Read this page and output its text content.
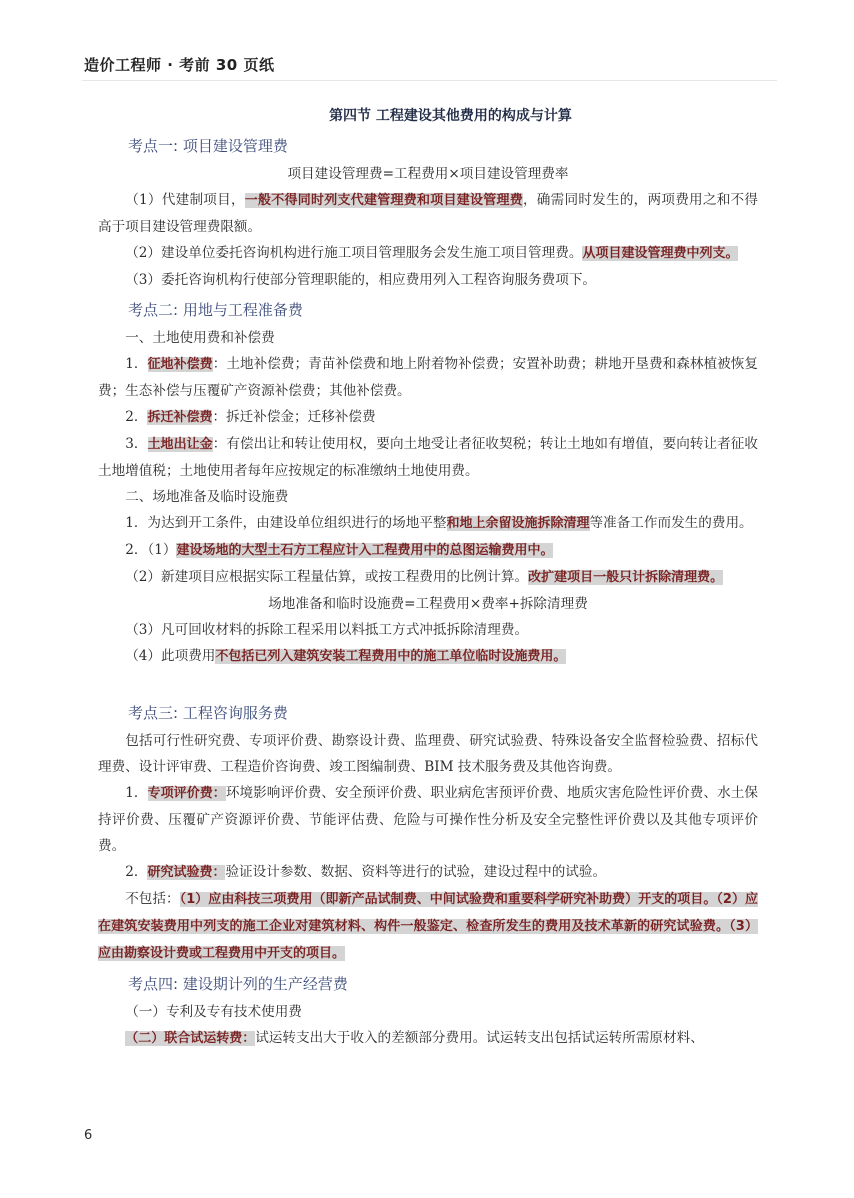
造价工程师 · 考前 30 页纸
第四节 工程建设其他费用的构成与计算
考点一: 项目建设管理费
项目建设管理费=工程费用×项目建设管理费率

（1）代建制项目，一般不得同时列支代建管理费和项目建设管理费，确需同时发生的，两项费用之和不得高于项目建设管理费限额。

（2）建设单位委托咨询机构进行施工项目管理服务会发生施工项目管理费。从项目建设管理费中列支。

（3）委托咨询机构行使部分管理职能的，相应费用列入工程咨询服务费项下。

考点二: 用地与工程准备费

一、土地使用费和补偿费

1．征地补偿费：土地补偿费；青苗补偿费和地上附着物补偿费；安置补助费；耕地开垦费和森林植被恢复费；生态补偿与压覆矿产资源补偿费；其他补偿费。

2．拆迁补偿费：拆迁补偿金；迁移补偿费

3．土地出让金：有偿出让和转让使用权，要向土地受让者征收契税；转让土地如有增值，要向转让者征收土地增值税；土地使用者每年应按规定的标准缴纳土地使用费。

二、场地准备及临时设施费

1．为达到开工条件，由建设单位组织进行的场地平整和地上余留设施拆除清理等准备工作而发生的费用。

2．（1）建设场地的大型土石方工程应计入工程费用中的总图运输费用中。

（2）新建项目应根据实际工程量估算，或按工程费用的比例计算。改扩建项目一般只计拆除清理费。

场地准备和临时设施费=工程费用×费率+拆除清理费

（3）凡可回收材料的拆除工程采用以料抵工方式冲抵拆除清理费。

（4）此项费用不包括已列入建筑安装工程费用中的施工单位临时设施费用。

考点三: 工程咨询服务费

包括可行性研究费、专项评价费、勘察设计费、监理费、研究试验费、特殊设备安全监督检验费、招标代理费、设计评审费、工程造价咨询费、竣工图编制费、BIM 技术服务费及其他咨询费。

1．专项评价费：环境影响评价费、安全预评价费、职业病危害预评价费、地质灾害危险性评价费、水土保持评价费、压覆矿产资源评价费、节能评估费、危险与可操作性分析及安全完整性评价费以及其他专项评价费。

2．研究试验费：验证设计参数、数据、资料等进行的试验，建设过程中的试验。

不包括：（1）应由科技三项费用（即新产品试制费、中间试验费和重要科学研究补助费）开支的项目。（2）应在建筑安装费用中列支的施工企业对建筑材料、构件一般鉴定、检查所发生的费用及技术革新的研究试验费。（3）应由勘察设计费或工程费用中开支的项目。

考点四: 建设期计列的生产经营费

（一）专利及专有技术使用费

（二）联合试运转费：试运转支出大于收入的差额部分费用。试运转支出包括试运转所需原材料、

6
